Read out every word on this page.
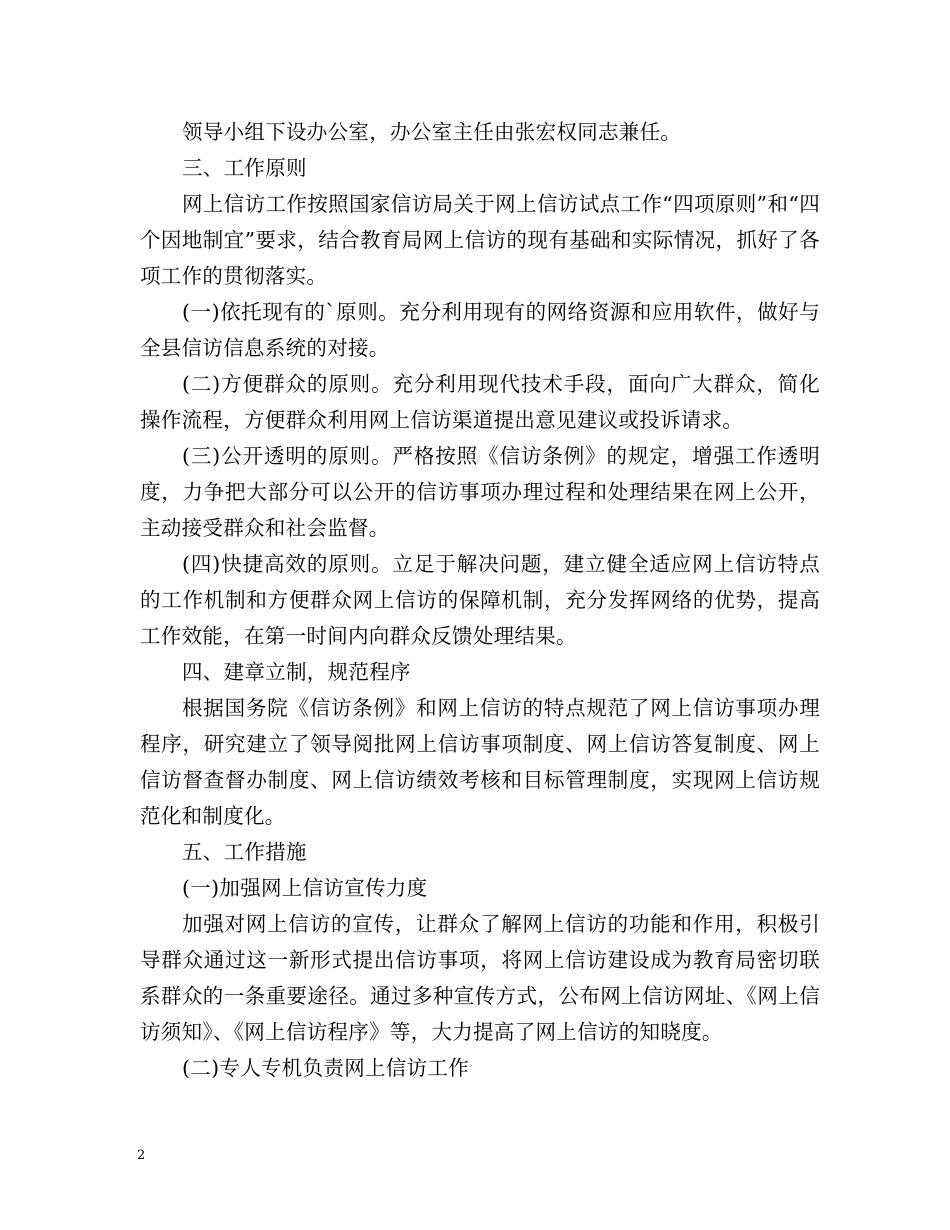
领导小组下设办公室，办公室主任由张宏权同志兼任。

三、工作原则

网上信访工作按照国家信访局关于网上信访试点工作“四项原则”和“四个因地制宜”要求，结合教育局网上信访的现有基础和实际情况，抓好了各项工作的贯彻落实。

(一)依托现有的`原则。充分利用现有的网络资源和应用软件，做好与全县信访信息系统的对接。

(二)方便群众的原则。充分利用现代技术手段，面向广大群众，简化操作流程，方便群众利用网上信访渠道提出意见建议或投诉请求。

(三)公开透明的原则。严格按照《信访条例》的规定，增强工作透明度，力争把大部分可以公开的信访事项办理过程和处理结果在网上公开，主动接受群众和社会监督。

(四)快捷高效的原则。立足于解决问题，建立健全适应网上信访特点的工作机制和方便群众网上信访的保障机制，充分发挥网络的优势，提高工作效能，在第一时间内向群众反馈处理结果。

四、建章立制，规范程序

根据国务院《信访条例》和网上信访的特点规范了网上信访事项办理程序，研究建立了领导阅批网上信访事项制度、网上信访答复制度、网上信访督查督办制度、网上信访绩效考核和目标管理制度，实现网上信访规范化和制度化。

五、工作措施

(一)加强网上信访宣传力度

加强对网上信访的宣传，让群众了解网上信访的功能和作用，积极引导群众通过这一新形式提出信访事项，将网上信访建设成为教育局密切联系群众的一条重要途径。通过多种宣传方式，公布网上信访网址、《网上信访须知》、《网上信访程序》等，大力提高了网上信访的知晓度。

(二)专人专机负责网上信访工作

2
